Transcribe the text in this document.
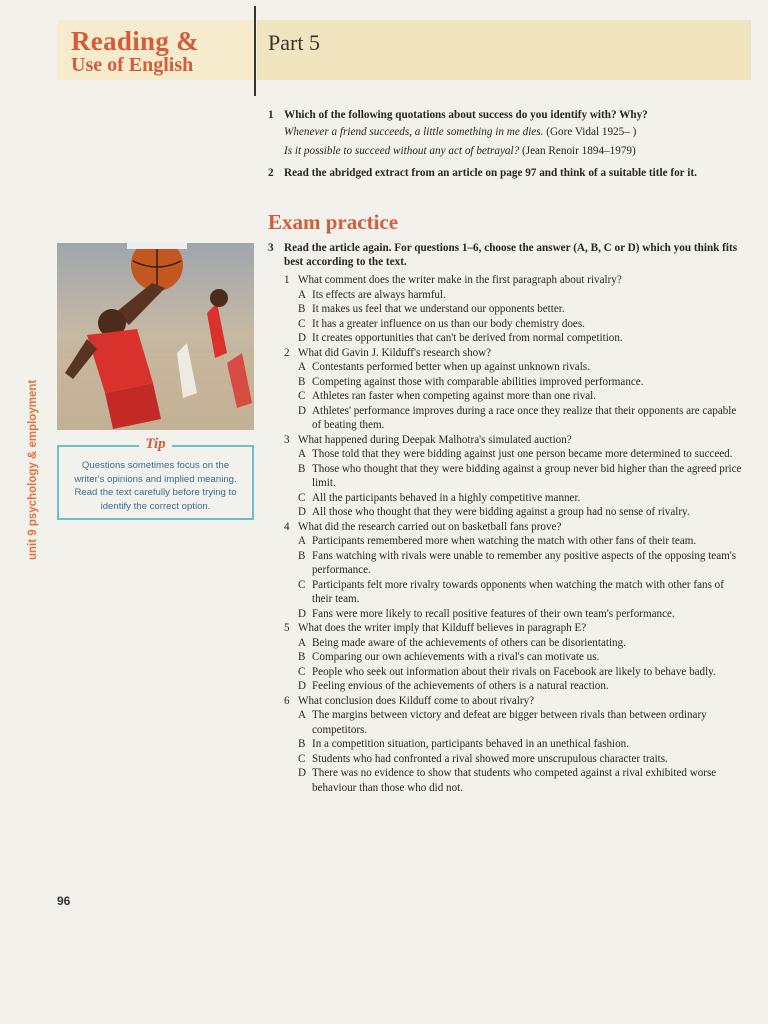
Reading &
Use of English
Part 5
1 Which of the following quotations about success do you identify with? Why?
Whenever a friend succeeds, a little something in me dies. (Gore Vidal 1925– )
Is it possible to succeed without any act of betrayal? (Jean Renoir 1894–1979)
2 Read the abridged extract from an article on page 97 and think of a suitable title for it.
Exam practice
3 Read the article again. For questions 1–6, choose the answer (A, B, C or D) which you think fits best according to the text.
1 What comment does the writer make in the first paragraph about rivalry?
A Its effects are always harmful.
B It makes us feel that we understand our opponents better.
C It has a greater influence on us than our body chemistry does.
D It creates opportunities that can't be derived from normal competition.
2 What did Gavin J. Kilduff's research show?
A Contestants performed better when up against unknown rivals.
B Competing against those with comparable abilities improved performance.
C Athletes ran faster when competing against more than one rival.
D Athletes' performance improves during a race once they realize that their opponents are capable of beating them.
3 What happened during Deepak Malhotra's simulated auction?
A Those told that they were bidding against just one person became more determined to succeed.
B Those who thought that they were bidding against a group never bid higher than the agreed price limit.
C All the participants behaved in a highly competitive manner.
D All those who thought that they were bidding against a group had no sense of rivalry.
4 What did the research carried out on basketball fans prove?
A Participants remembered more when watching the match with other fans of their team.
B Fans watching with rivals were unable to remember any positive aspects of the opposing team's performance.
C Participants felt more rivalry towards opponents when watching the match with other fans of their team.
D Fans were more likely to recall positive features of their own team's performance.
5 What does the writer imply that Kilduff believes in paragraph E?
A Being made aware of the achievements of others can be disorientating.
B Comparing our own achievements with a rival's can motivate us.
C People who seek out information about their rivals on Facebook are likely to behave badly.
D Feeling envious of the achievements of others is a natural reaction.
6 What conclusion does Kilduff come to about rivalry?
A The margins between victory and defeat are bigger between rivals than between ordinary competitors.
B In a competition situation, participants behaved in an unethical fashion.
C Students who had confronted a rival showed more unscrupulous character traits.
D There was no evidence to show that students who competed against a rival exhibited worse behaviour than those who did not.
Tip
Questions sometimes focus on the writer's opinions and implied meaning. Read the text carefully before trying to identify the correct option.
unit 9 psychology & employment
96
